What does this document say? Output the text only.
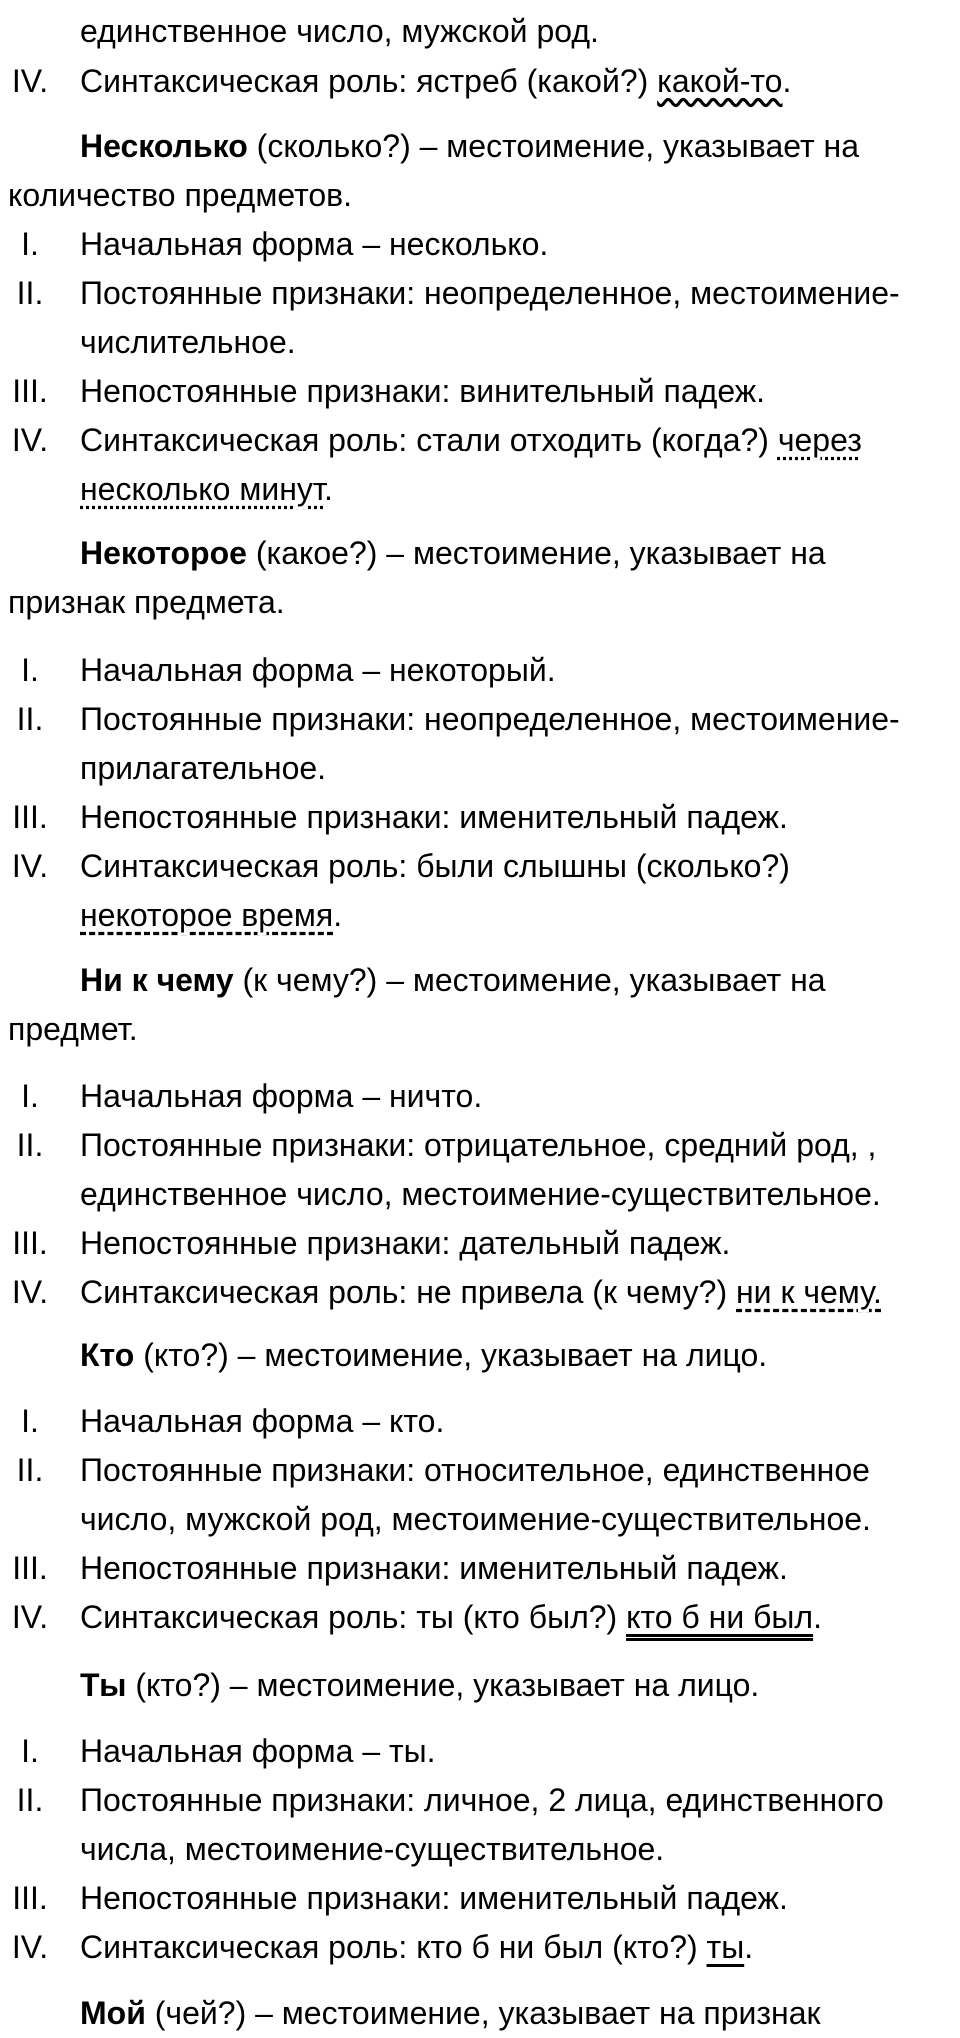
единственное число, мужской род.
IV. Синтаксическая роль: ястреб (какой?) какой-то.
Несколько (сколько?) – местоимение, указывает на
количество предметов.
I.	Начальная форма – несколько.
II.	Постоянные признаки: неопределенное, местоимение-
числительное.
III.	Непостоянные признаки: винительный падеж.
IV. Синтаксическая роль: стали отходить (когда?) через
несколько минут.
Некоторое (какое?) – местоимение, указывает на
признак предмета.
I.	Начальная форма – некоторый.
II.	Постоянные признаки: неопределенное, местоимение-
прилагательное.
III.	Непостоянные признаки: именительный падеж.
IV. Синтаксическая роль: были слышны (сколько?)
некоторое время.
Ни к чему (к чему?) – местоимение, указывает на
предмет.
I.	Начальная форма – ничто.
II.	Постоянные признаки: отрицательное, средний род, ,
единственное число, местоимение-существительное.
III.	Непостоянные признаки: дательный падеж.
IV. Синтаксическая роль: не привела (к чему?) ни к чему.
Кто (кто?) – местоимение, указывает на лицо.
I.	Начальная форма – кто.
II.	Постоянные признаки: относительное, единственное
число, мужской род, местоимение-существительное.
III.	Непостоянные признаки: именительный падеж.
IV. Синтаксическая роль: ты (кто был?) кто б ни был.
Ты (кто?) – местоимение, указывает на лицо.
I.	Начальная форма – ты.
II.	Постоянные признаки: личное, 2 лица, единственного
числа, местоимение-существительное.
III.	Непостоянные признаки: именительный падеж.
IV. Синтаксическая роль: кто б ни был (кто?) ты.
Мой (чей?) – местоимение, указывает на признак
